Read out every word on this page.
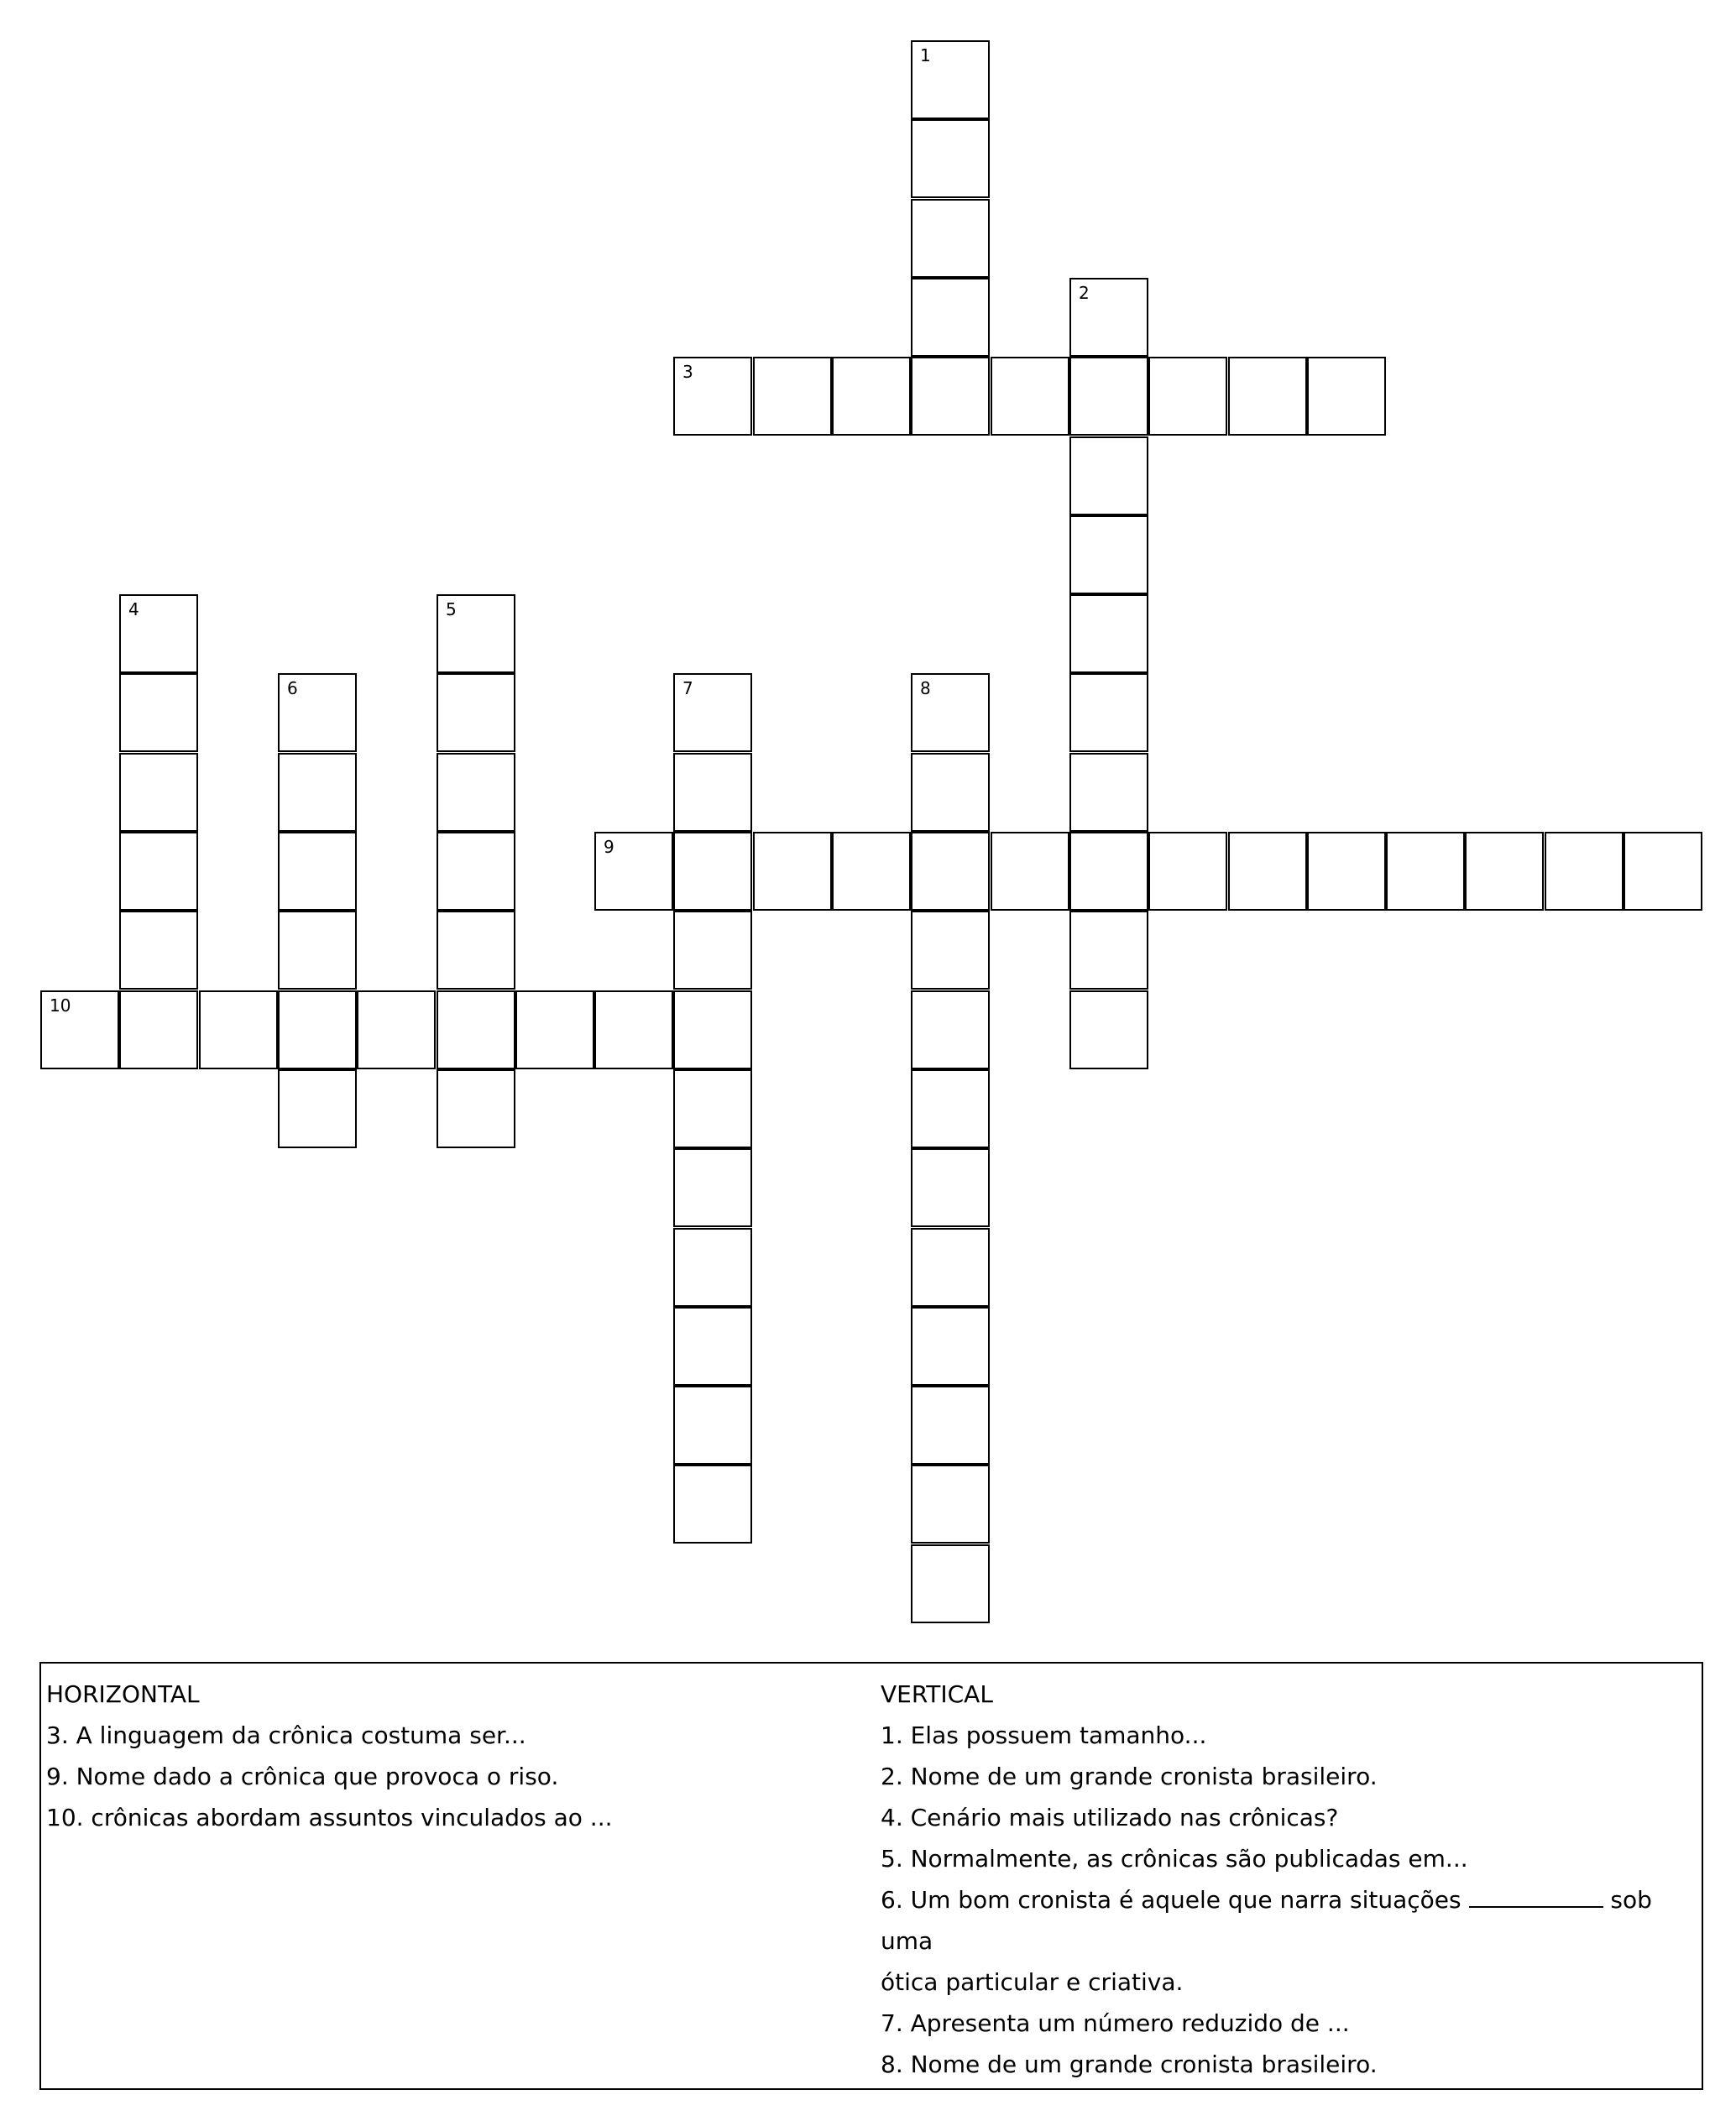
1
2
3
4	5
6	7	8
9
10
HORIZONTAL
3. A linguagem da crônica costuma ser...
9. Nome dado a crônica que provoca o riso.
10. crônicas abordam assuntos vinculados ao ...
VERTICAL
1. Elas possuem tamanho...
2. Nome de um grande cronista brasileiro.
4. Cenário mais utilizado nas crônicas?
5. Normalmente, as crônicas são publicadas em...
6. Um bom cronista é aquele que narra situações	sob uma
ótica particular e criativa.
7. Apresenta um número reduzido de ...
8. Nome de um grande cronista brasileiro.
